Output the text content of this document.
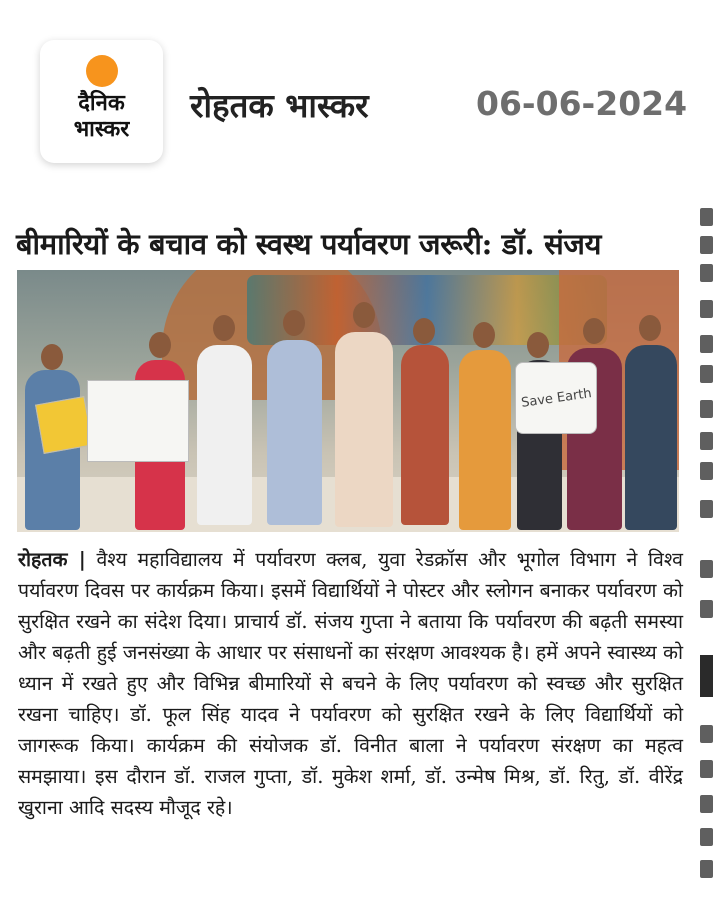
दैनिक
भास्कर
रोहतक भास्कर	06-06-2024
बीमारियों के बचाव को स्वस्थ पर्यावरण जरूरी: डॉ. संजय
Save Earth

रोहतक | वैश्य महाविद्यालय में पर्यावरण क्लब, युवा रेडक्रॉस और भूगोल विभाग ने विश्व पर्यावरण दिवस पर कार्यक्रम किया। इसमें विद्यार्थियों ने पोस्टर और स्लोगन बनाकर पर्यावरण को सुरक्षित रखने का संदेश दिया। प्राचार्य डॉ. संजय गुप्ता ने बताया कि पर्यावरण की बढ़ती समस्या और बढ़ती हुई जनसंख्या के आधार पर संसाधनों का संरक्षण आवश्यक है। हमें अपने स्वास्थ्य को ध्यान में रखते हुए और विभिन्न बीमारियों से बचने के लिए पर्यावरण को स्वच्छ और सुरक्षित रखना चाहिए। डॉ. फूल सिंह यादव ने पर्यावरण को सुरक्षित रखने के लिए विद्यार्थियों को जागरूक किया। कार्यक्रम की संयोजक डॉ. विनीत बाला ने पर्यावरण संरक्षण का महत्व समझाया। इस दौरान डॉ. राजल गुप्ता, डॉ. मुकेश शर्मा, डॉ. उन्मेष मिश्र, डॉ. रितु, डॉ. वीरेंद्र खुराना आदि सदस्य मौजूद रहे।
